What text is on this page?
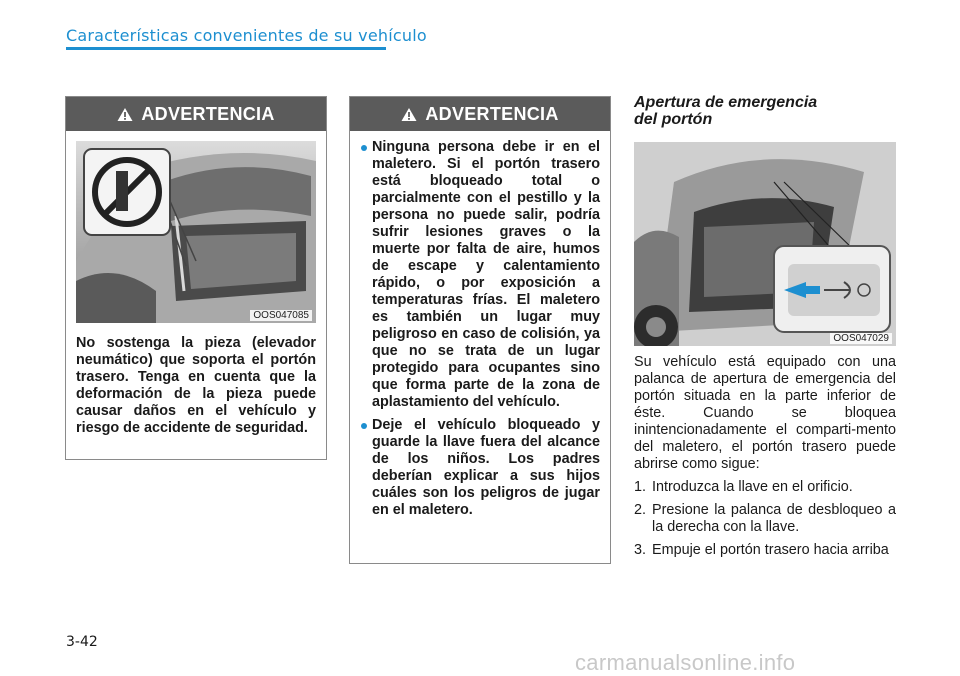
Características convenientes de su vehículo
ADVERTENCIA
OOS047085
No sostenga la pieza (elevador neumático) que soporta el portón trasero. Tenga en cuenta que la deformación de la pieza puede causar daños en el vehículo y riesgo de accidente de seguridad.
ADVERTENCIA
Ninguna persona debe ir en el maletero. Si el portón trasero está bloqueado total o parcialmente con el pestillo y la persona no puede salir, podría sufrir lesiones graves o la muerte por falta de aire, humos de escape y calentamiento rápido, o por exposición a temperaturas frías. El maletero es también un lugar muy peligroso en caso de colisión, ya que no se trata de un lugar protegido para ocupantes sino que forma parte de la zona de aplastamiento del vehículo.
Deje el vehículo bloqueado y guarde la llave fuera del alcance de los niños. Los padres deberían explicar a sus hijos cuáles son los peligros de jugar en el maletero.
Apertura de emergencia
del portón
OOS047029

Su vehículo está equipado con una palanca de apertura de emergencia del portón situada en la parte inferior de éste. Cuando se bloquea inintencionadamente el comparti-mento del maletero, el portón trasero puede abrirse como sigue:

1. Introduzca la llave en el orificio.
2. Presione la palanca de desbloqueo a la derecha con la llave.
3. Empuje el portón trasero hacia arriba
3-42
carmanualsonline.info
